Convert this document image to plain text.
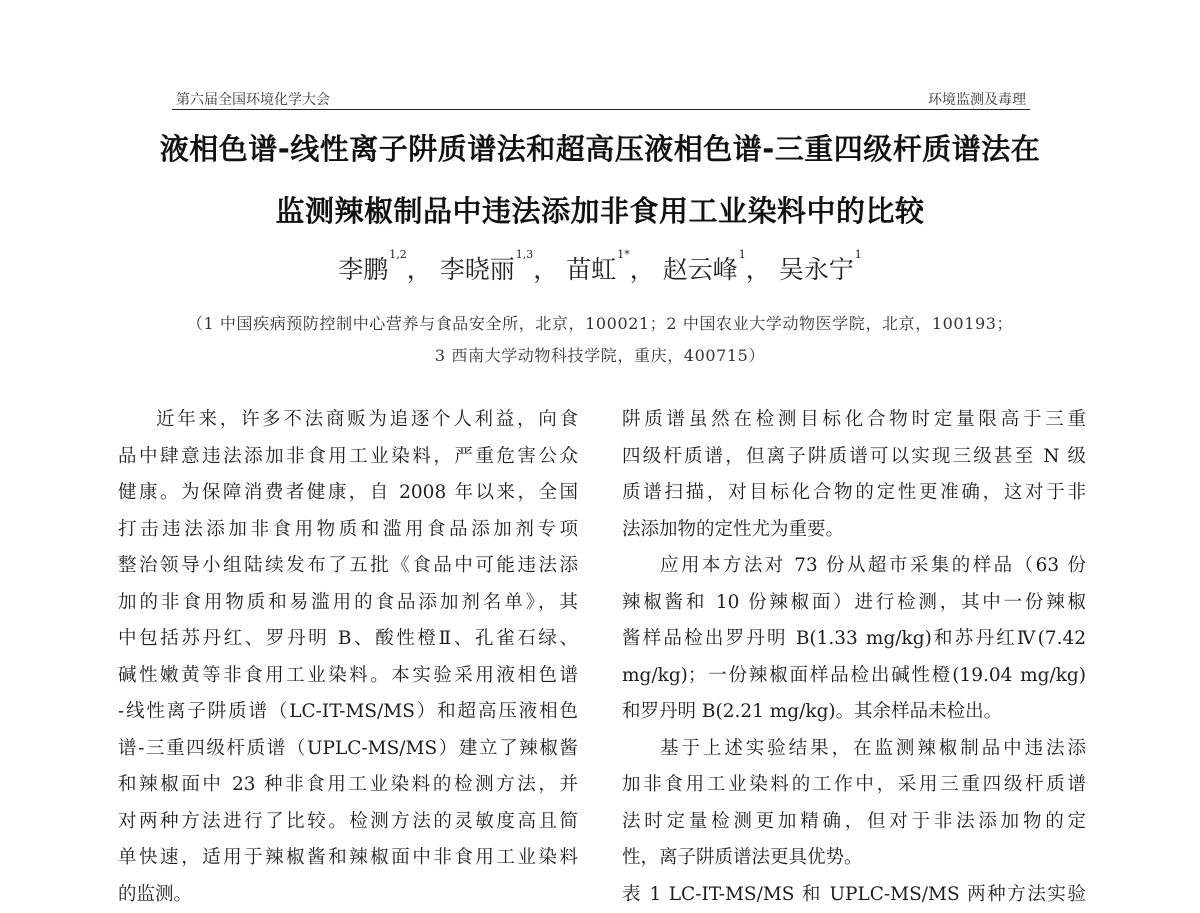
第六届全国环境化学大会	环境监测及毒理
液相色谱-线性离子阱质谱法和超高压液相色谱-三重四级杆质谱法在
监测辣椒制品中违法添加非食用工业染料中的比较
李鹏$^{1,2}$， 李晓丽$^{1,3}$， 苗虹$^{1*}$， 赵云峰$^1$， 吴永宁$^1$
（1 中国疾病预防控制中心营养与食品安全所，北京，100021；2 中国农业大学动物医学院，北京，100193；
3 西南大学动物科技学院，重庆，400715）

近年来，许多不法商贩为追逐个人利益，向食

品中肆意违法添加非食用工业染料，严重危害公众

健康。为保障消费者健康，自 2008 年以来，全国

打击违法添加非食用物质和滥用食品添加剂专项

整治领导小组陆续发布了五批《食品中可能违法添

加的非食用物质和易滥用的食品添加剂名单》，其

中包括苏丹红、罗丹明 B、酸性橙Ⅱ、孔雀石绿、

碱性嫩黄等非食用工业染料。本实验采用液相色谱

-线性离子阱质谱（LC-IT-MS/MS）和超高压液相色

谱-三重四级杆质谱（UPLC-MS/MS）建立了辣椒酱

和辣椒面中 23 种非食用工业染料的检测方法，并

对两种方法进行了比较。检测方法的灵敏度高且简

单快速，适用于辣椒酱和辣椒面中非食用工业染料

的监测。

阱质谱虽然在检测目标化合物时定量限高于三重

四级杆质谱，但离子阱质谱可以实现三级甚至 N 级

质谱扫描，对目标化合物的定性更准确，这对于非

法添加物的定性尤为重要。

应用本方法对 73 份从超市采集的样品（63 份

辣椒酱和 10 份辣椒面）进行检测，其中一份辣椒

酱样品检出罗丹明 B(1.33 mg/kg)和苏丹红Ⅳ(7.42

mg/kg)；一份辣椒面样品检出碱性橙(19.04 mg/kg)

和罗丹明 B(2.21 mg/kg)。其余样品未检出。

基于上述实验结果，在监测辣椒制品中违法添

加非食用工业染料的工作中，采用三重四级杆质谱

法时定量检测更加精确，但对于非法添加物的定

性，离子阱质谱法更具优势。

表 1 LC-IT-MS/MS 和 UPLC-MS/MS 两种方法实验
